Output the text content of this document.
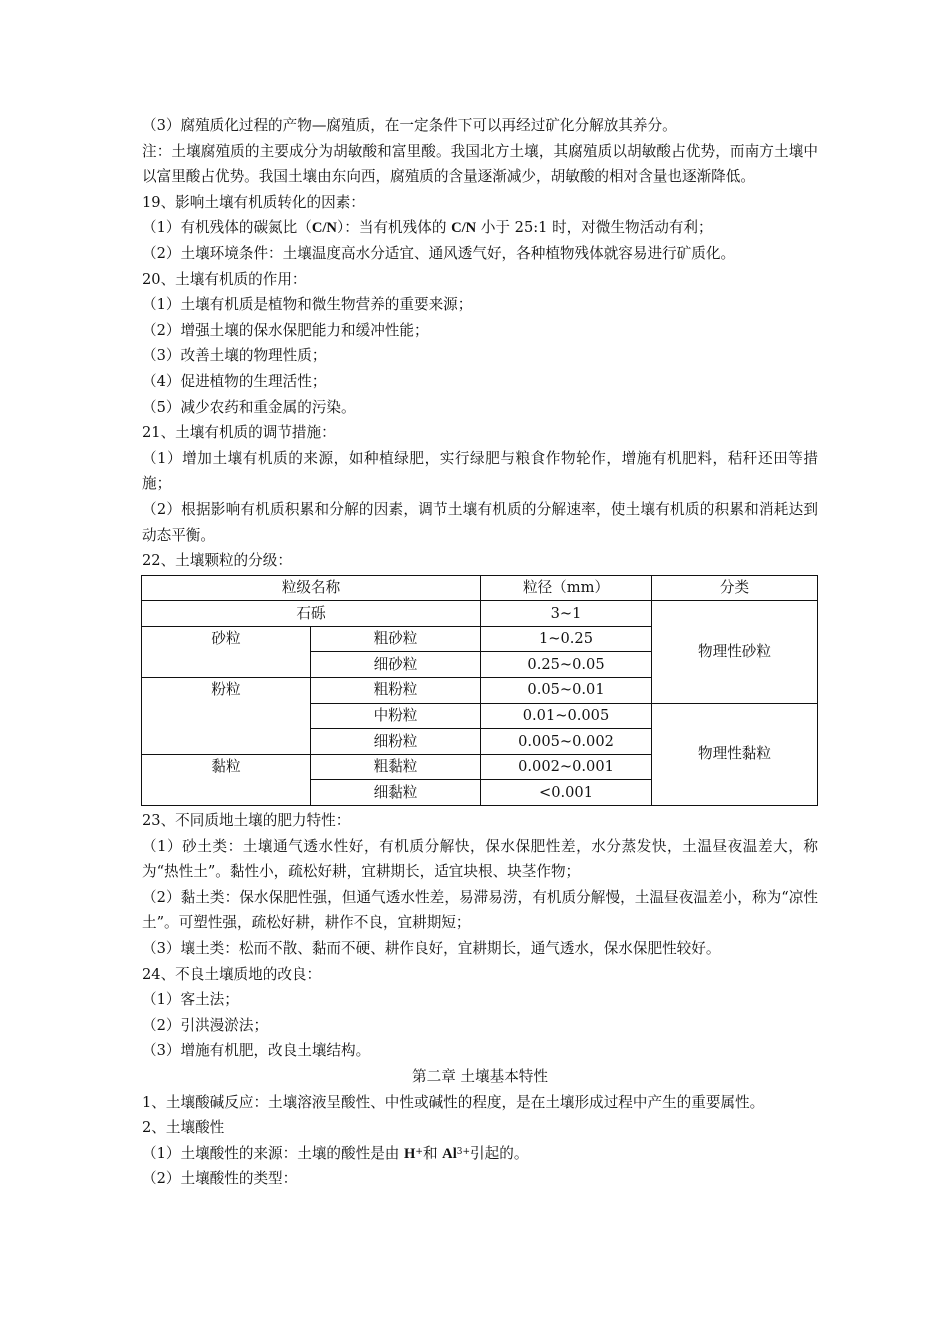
（3）腐殖质化过程的产物—腐殖质，在一定条件下可以再经过矿化分解放其养分。
注：土壤腐殖质的主要成分为胡敏酸和富里酸。我国北方土壤，其腐殖质以胡敏酸占优势，而南方土壤中以富里酸占优势。我国土壤由东向西，腐殖质的含量逐渐减少，胡敏酸的相对含量也逐渐降低。
19、影响土壤有机质转化的因素：
（1）有机残体的碳氮比（C/N）：当有机残体的 C/N 小于 25:1 时，对微生物活动有利；
（2）土壤环境条件：土壤温度高水分适宜、通风透气好，各种植物残体就容易进行矿质化。
20、土壤有机质的作用：
（1）土壤有机质是植物和微生物营养的重要来源；
（2）增强土壤的保水保肥能力和缓冲性能；
（3）改善土壤的物理性质；
（4）促进植物的生理活性；
（5）减少农药和重金属的污染。
21、土壤有机质的调节措施：
（1）增加土壤有机质的来源，如种植绿肥，实行绿肥与粮食作物轮作，增施有机肥料，秸秆还田等措施；
（2）根据影响有机质积累和分解的因素，调节土壤有机质的分解速率，使土壤有机质的积累和消耗达到动态平衡。
22、土壤颗粒的分级：
粒级名称		粒径（mm）	分类
石砾		3~1	物理性砂粒
砂粒	粗砂粒	1~0.25	
	细砂粒	0.25~0.05	
粉粒	粗粉粒	0.05~0.01	
	中粉粒	0.01~0.005	物理性黏粒
	细粉粒	0.005~0.002	
黏粒	粗黏粒	0.002~0.001	
	细黏粒	<0.001	
23、不同质地土壤的肥力特性：
（1）砂土类：土壤通气透水性好，有机质分解快，保水保肥性差，水分蒸发快，土温昼夜温差大，称为“热性土”。黏性小，疏松好耕，宜耕期长，适宜块根、块茎作物；
（2）黏土类：保水保肥性强，但通气透水性差，易滞易涝，有机质分解慢，土温昼夜温差小，称为“凉性土”。可塑性强，疏松好耕，耕作不良，宜耕期短；
（3）壤土类：松而不散、黏而不硬、耕作良好，宜耕期长，通气透水，保水保肥性较好。
24、不良土壤质地的改良：
（1）客土法；
（2）引洪漫淤法；
（3）增施有机肥，改良土壤结构。
第二章 土壤基本特性
1、土壤酸碱反应：土壤溶液呈酸性、中性或碱性的程度，是在土壤形成过程中产生的重要属性。
2、土壤酸性
（1）土壤酸性的来源：土壤的酸性是由 H+和 $Al^{3+}$引起的。
（2）土壤酸性的类型：
